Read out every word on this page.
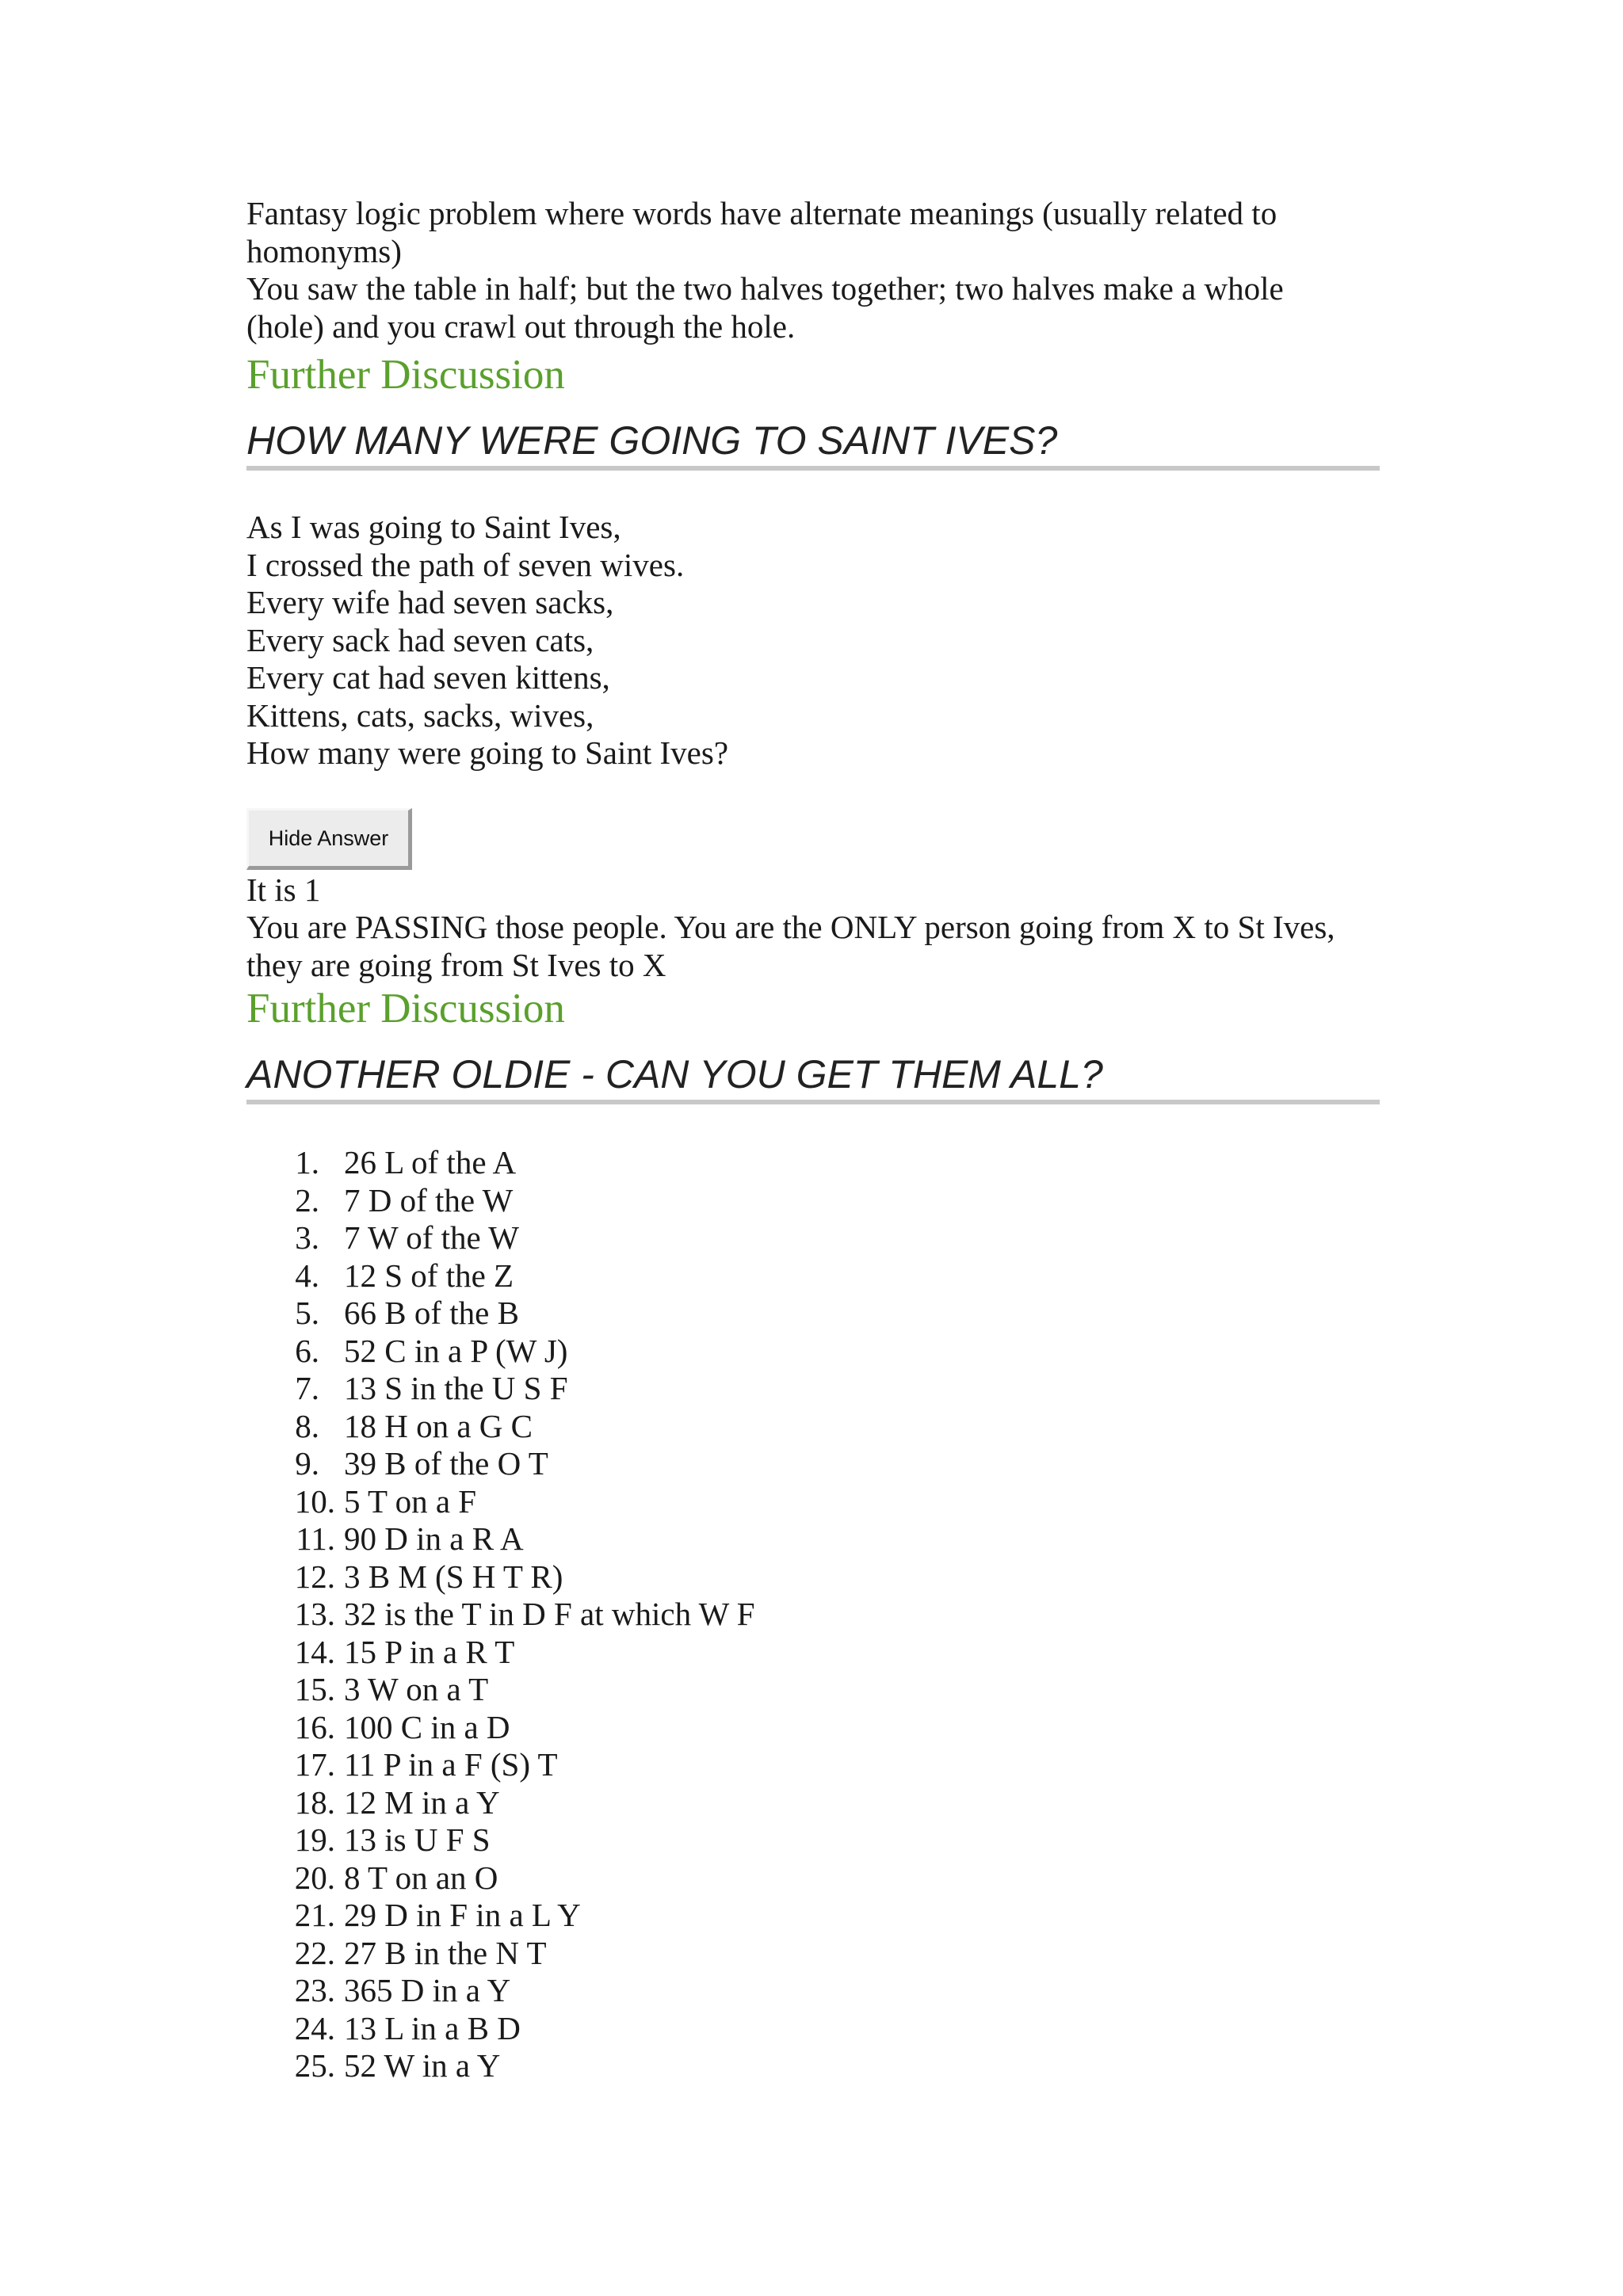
Fantasy logic problem where words have alternate meanings (usually related to

homonyms)

You saw the table in half; but the two halves together; two halves make a whole

(hole) and you crawl out through the hole.

Further Discussion
HOW MANY WERE GOING TO SAINT IVES?

As I was going to Saint Ives,

I crossed the path of seven wives.

Every wife had seven sacks,

Every sack had seven cats,

Every cat had seven kittens,

Kittens, cats, sacks, wives,

How many were going to Saint Ives?

Hide Answer

It is 1

You are PASSING those people. You are the ONLY person going from X to St Ives,

they are going from St Ives to X

Further Discussion
ANOTHER OLDIE - CAN YOU GET THEM ALL?
1. 26 L of the A
2. 7 D of the W
3. 7 W of the W
4. 12 S of the Z
5. 66 B of the B
6. 52 C in a P (W J)
7. 13 S in the U S F
8. 18 H on a G C
9. 39 B of the O T
10. 5 T on a F
11. 90 D in a R A
12. 3 B M (S H T R)
13. 32 is the T in D F at which W F
14. 15 P in a R T
15. 3 W on a T
16. 100 C in a D
17. 11 P in a F (S) T
18. 12 M in a Y
19. 13 is U F S
20. 8 T on an O
21. 29 D in F in a L Y
22. 27 B in the N T
23. 365 D in a Y
24. 13 L in a B D
25. 52 W in a Y
